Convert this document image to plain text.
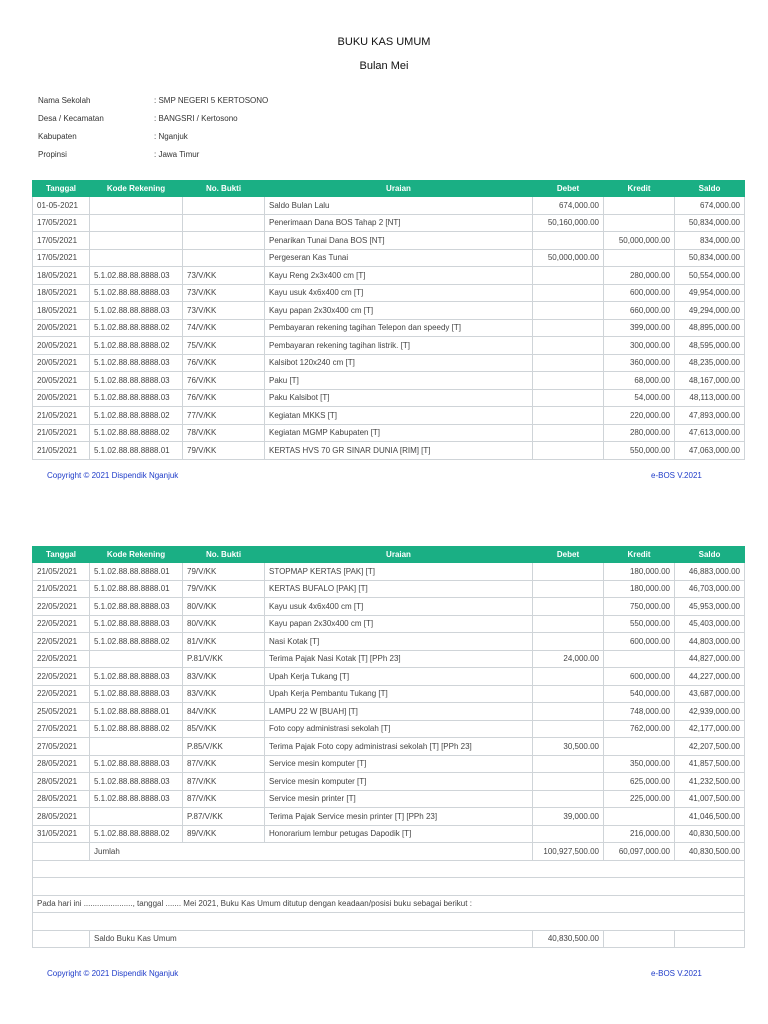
BUKU KAS UMUM
Bulan Mei
Nama Sekolah	: SMP NEGERI 5 KERTOSONO
Desa / Kecamatan	: BANGSRI / Kertosono
Kabupaten	: Nganjuk
Propinsi	: Jawa Timur
Tanggal	Kode Rekening	No. Bukti	Uraian	Debet	Kredit	Saldo
01-05-2021			Saldo Bulan Lalu	674,000.00		674,000.00
17/05/2021			Penerimaan Dana BOS Tahap 2 [NT]	50,160,000.00		50,834,000.00
17/05/2021			Penarikan Tunai Dana BOS [NT]		50,000,000.00	834,000.00
17/05/2021			Pergeseran Kas Tunai	50,000,000.00		50,834,000.00
18/05/2021	5.1.02.88.88.8888.03	73/V/KK	Kayu Reng 2x3x400 cm [T]		280,000.00	50,554,000.00
18/05/2021	5.1.02.88.88.8888.03	73/V/KK	Kayu usuk 4x6x400 cm [T]		600,000.00	49,954,000.00
18/05/2021	5.1.02.88.88.8888.03	73/V/KK	Kayu papan 2x30x400 cm [T]		660,000.00	49,294,000.00
20/05/2021	5.1.02.88.88.8888.02	74/V/KK	Pembayaran rekening tagihan Telepon dan speedy [T]		399,000.00	48,895,000.00
20/05/2021	5.1.02.88.88.8888.02	75/V/KK	Pembayaran rekening tagihan listrik. [T]		300,000.00	48,595,000.00
20/05/2021	5.1.02.88.88.8888.03	76/V/KK	Kalsibot 120x240 cm [T]		360,000.00	48,235,000.00
20/05/2021	5.1.02.88.88.8888.03	76/V/KK	Paku [T]		68,000.00	48,167,000.00
20/05/2021	5.1.02.88.88.8888.03	76/V/KK	Paku Kalsibot [T]		54,000.00	48,113,000.00
21/05/2021	5.1.02.88.88.8888.02	77/V/KK	Kegiatan MKKS [T]		220,000.00	47,893,000.00
21/05/2021	5.1.02.88.88.8888.02	78/V/KK	Kegiatan MGMP Kabupaten [T]		280,000.00	47,613,000.00
21/05/2021	5.1.02.88.88.8888.01	79/V/KK	KERTAS HVS 70 GR SINAR DUNIA [RIM] [T]		550,000.00	47,063,000.00
Copyright © 2021 Dispendik Nganjuk	e-BOS V.2021
Tanggal	Kode Rekening	No. Bukti	Uraian	Debet	Kredit	Saldo
21/05/2021	5.1.02.88.88.8888.01	79/V/KK	STOPMAP KERTAS [PAK] [T]		180,000.00	46,883,000.00
21/05/2021	5.1.02.88.88.8888.01	79/V/KK	KERTAS BUFALO [PAK] [T]		180,000.00	46,703,000.00
22/05/2021	5.1.02.88.88.8888.03	80/V/KK	Kayu usuk 4x6x400 cm [T]		750,000.00	45,953,000.00
22/05/2021	5.1.02.88.88.8888.03	80/V/KK	Kayu papan 2x30x400 cm [T]		550,000.00	45,403,000.00
22/05/2021	5.1.02.88.88.8888.02	81/V/KK	Nasi Kotak [T]		600,000.00	44,803,000.00
22/05/2021		P.81/V/KK	Terima Pajak Nasi Kotak [T] [PPh 23]	24,000.00		44,827,000.00
22/05/2021	5.1.02.88.88.8888.03	83/V/KK	Upah Kerja Tukang [T]		600,000.00	44,227,000.00
22/05/2021	5.1.02.88.88.8888.03	83/V/KK	Upah Kerja Pembantu Tukang [T]		540,000.00	43,687,000.00
25/05/2021	5.1.02.88.88.8888.01	84/V/KK	LAMPU 22 W [BUAH] [T]		748,000.00	42,939,000.00
27/05/2021	5.1.02.88.88.8888.02	85/V/KK	Foto copy administrasi sekolah [T]		762,000.00	42,177,000.00
27/05/2021		P.85/V/KK	Terima Pajak Foto copy administrasi sekolah [T] [PPh 23]	30,500.00		42,207,500.00
28/05/2021	5.1.02.88.88.8888.03	87/V/KK	Service mesin komputer [T]		350,000.00	41,857,500.00
28/05/2021	5.1.02.88.88.8888.03	87/V/KK	Service mesin komputer [T]		625,000.00	41,232,500.00
28/05/2021	5.1.02.88.88.8888.03	87/V/KK	Service mesin printer [T]		225,000.00	41,007,500.00
28/05/2021		P.87/V/KK	Terima Pajak Service mesin printer [T] [PPh 23]	39,000.00		41,046,500.00
31/05/2021	5.1.02.88.88.8888.02	89/V/KK	Honorarium lembur petugas Dapodik [T]		216,000.00	40,830,500.00
	Jumlah			100,927,500.00	60,097,000.00	40,830,500.00

Pada hari ini ......................, tanggal ....... Mei 2021, Buku Kas Umum ditutup dengan keadaan/posisi buku sebagai berikut :						

	Saldo Buku Kas Umum			40,830,500.00		
Copyright © 2021 Dispendik Nganjuk	e-BOS V.2021
